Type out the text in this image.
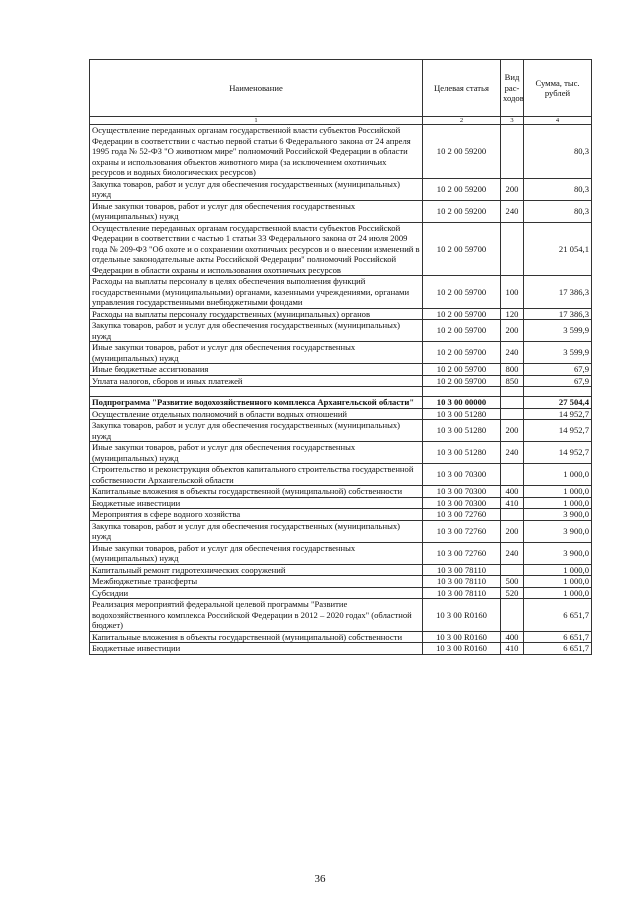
Наименование	Целевая статья	Вид рас-ходов	Сумма, тыс. рублей
1	2	3	4
Осуществление переданных органам государственной власти субъектов Российской Федерации в соответствии с частью первой статьи 6 Федерального закона от 24 апреля 1995 года № 52-ФЗ "О животном мире" полномочий Российской Федерации в области охраны и использования объектов животного мира (за исключением охотничьих ресурсов и водных биологических ресурсов)	10 2 00 59200		80,3
Закупка товаров, работ и услуг для обеспечения государственных (муниципальных) нужд	10 2 00 59200	200	80,3
Иные закупки товаров, работ и услуг для обеспечения государственных (муниципальных) нужд	10 2 00 59200	240	80,3
Осуществление переданных органам государственной власти субъектов Российской Федерации в соответствии с частью 1 статьи 33 Федерального закона от 24 июля 2009 года № 209-ФЗ "Об охоте и о сохранении охотничьих ресурсов и о внесении изменений в отдельные законодательные акты Российской Федерации" полномочий Российской Федерации в области охраны и использования охотничьих ресурсов	10 2 00 59700		21 054,1
Расходы на выплаты персоналу в целях обеспечения выполнения функций государственными (муниципальными) органами, казенными учреждениями, органами управления государственными внебюджетными фондами	10 2 00 59700	100	17 386,3
Расходы на выплаты персоналу государственных (муниципальных) органов	10 2 00 59700	120	17 386,3
Закупка товаров, работ и услуг для обеспечения государственных (муниципальных) нужд	10 2 00 59700	200	3 599,9
Иные закупки товаров, работ и услуг для обеспечения государственных (муниципальных) нужд	10 2 00 59700	240	3 599,9
Иные бюджетные ассигнования	10 2 00 59700	800	67,9
Уплата налогов, сборов и иных платежей	10 2 00 59700	850	67,9

Подпрограмма "Развитие водохозяйственного комплекса Архангельской области"	10 3 00 00000		27 504,4
Осуществление отдельных полномочий в области водных отношений	10 3 00 51280		14 952,7
Закупка товаров, работ и услуг для обеспечения государственных (муниципальных) нужд	10 3 00 51280	200	14 952,7
Иные закупки товаров, работ и услуг для обеспечения государственных (муниципальных) нужд	10 3 00 51280	240	14 952,7
Строительство и реконструкция объектов капитального строительства государственной собственности Архангельской области	10 3 00 70300		1 000,0
Капитальные вложения в объекты государственной (муниципальной) собственности	10 3 00 70300	400	1 000,0
Бюджетные инвестиции	10 3 00 70300	410	1 000,0
Мероприятия в сфере водного хозяйства	10 3 00 72760		3 900,0
Закупка товаров, работ и услуг для обеспечения государственных (муниципальных) нужд	10 3 00 72760	200	3 900,0
Иные закупки товаров, работ и услуг для обеспечения государственных (муниципальных) нужд	10 3 00 72760	240	3 900,0
Капитальный ремонт гидротехнических сооружений	10 3 00 78110		1 000,0
Межбюджетные трансферты	10 3 00 78110	500	1 000,0
Субсидии	10 3 00 78110	520	1 000,0
Реализация мероприятий федеральной целевой программы "Развитие водохозяйственного комплекса Российской Федерации в 2012 – 2020 годах" (областной бюджет)	10 3 00 R0160		6 651,7
Капитальные вложения в объекты государственной (муниципальной) собственности	10 3 00 R0160	400	6 651,7
Бюджетные инвестиции	10 3 00 R0160	410	6 651,7
36
